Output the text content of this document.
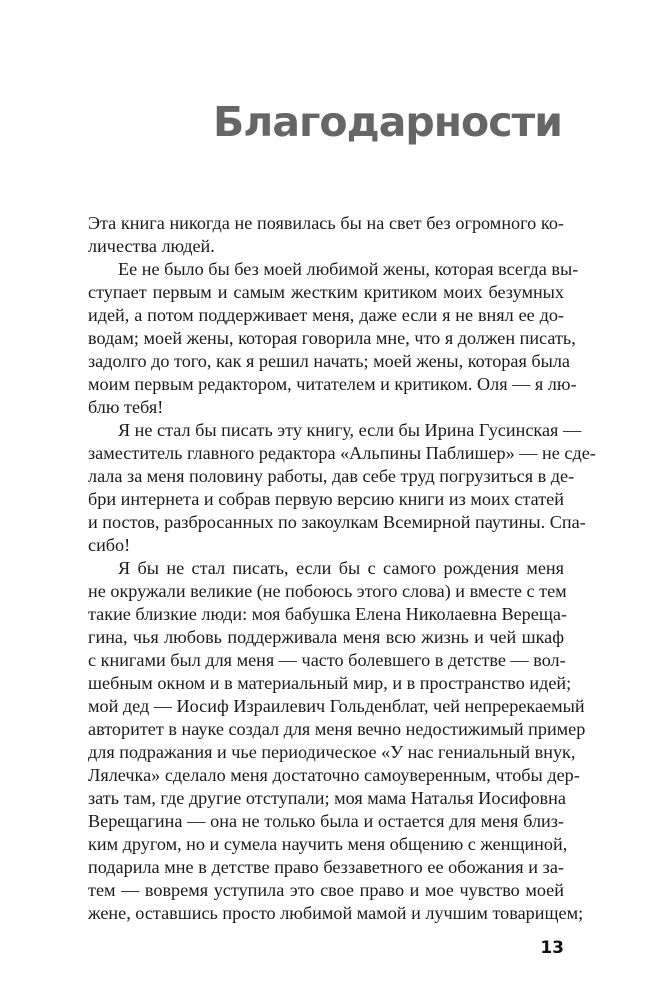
Благодарности
Эта книга никогда не появилась бы на свет без огромного ко-
личества людей.
Ее не было бы без моей любимой жены, которая всегда вы-
ступает первым и самым жестким критиком моих безумных
идей, а потом поддерживает меня, даже если я не внял ее до-
водам; моей жены, которая говорила мне, что я должен писать,
задолго до того, как я решил начать; моей жены, которая была
моим первым редактором, читателем и критиком. Оля — я лю-
блю тебя!
Я не стал бы писать эту книгу, если бы Ирина Гусинская —
заместитель главного редактора «Альпины Паблишер» — не сде-
лала за меня половину работы, дав себе труд погрузиться в де-
бри интернета и собрав первую версию книги из моих статей
и постов, разбросанных по закоулкам Всемирной паутины. Спа-
сибо!
Я бы не стал писать, если бы с самого рождения меня
не окружали великие (не побоюсь этого слова) и вместе с тем
такие близкие люди: моя бабушка Елена Николаевна Верещa-
гина, чья любовь поддерживала меня всю жизнь и чей шкаф
с книгами был для меня — часто болевшего в детстве — вол-
шебным окном и в материальный мир, и в пространство идей;
мой дед — Иосиф Израилевич Гольденблат, чей непререкаемый
авторитет в науке создал для меня вечно недостижимый пример
для подражания и чье периодическое «У нас гениальный внук,
Лялечка» сделало меня достаточно самоуверенным, чтобы дер-
зать там, где другие отступали; моя мама Наталья Иосифовна
Верещагина — она не только была и остается для меня близ-
ким другом, но и сумела научить меня общению с женщиной,
подарила мне в детстве право беззаветного ее обожания и за-
тем — вовремя уступила это свое право и мое чувство моей
жене, оставшись просто любимой мамой и лучшим товарищем;
13
